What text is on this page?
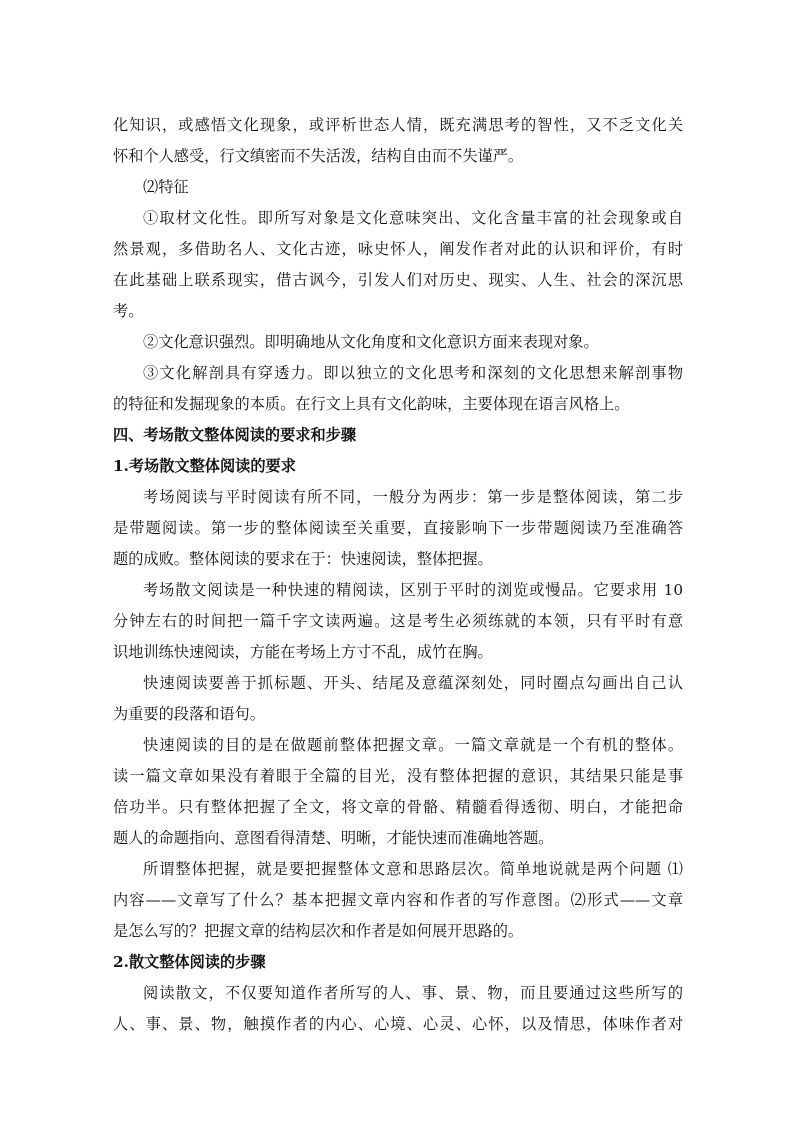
化知识，或感悟文化现象，或评析世态人情，既充满思考的智性，又不乏文化关
怀和个人感受，行文缜密而不失活泼，结构自由而不失谨严。
⑵特征
①取材文化性。即所写对象是文化意味突出、文化含量丰富的社会现象或自
然景观，多借助名人、文化古迹，咏史怀人，阐发作者对此的认识和评价，有时
在此基础上联系现实，借古讽今，引发人们对历史、现实、人生、社会的深沉思
考。
②文化意识强烈。即明确地从文化角度和文化意识方面来表现对象。
③文化解剖具有穿透力。即以独立的文化思考和深刻的文化思想来解剖事物
的特征和发掘现象的本质。在行文上具有文化韵味，主要体现在语言风格上。
四、考场散文整体阅读的要求和步骤
1.考场散文整体阅读的要求
考场阅读与平时阅读有所不同，一般分为两步：第一步是整体阅读，第二步
是带题阅读。第一步的整体阅读至关重要，直接影响下一步带题阅读乃至准确答
题的成败。整体阅读的要求在于：快速阅读，整体把握。
考场散文阅读是一种快速的精阅读，区别于平时的浏览或慢品。它要求用 10
分钟左右的时间把一篇千字文读两遍。这是考生必须练就的本领，只有平时有意
识地训练快速阅读，方能在考场上方寸不乱，成竹在胸。
快速阅读要善于抓标题、开头、结尾及意蕴深刻处，同时圈点勾画出自己认
为重要的段落和语句。
快速阅读的目的是在做题前整体把握文章。一篇文章就是一个有机的整体。
读一篇文章如果没有着眼于全篇的目光，没有整体把握的意识，其结果只能是事
倍功半。只有整体把握了全文，将文章的骨骼、精髓看得透彻、明白，才能把命
题人的命题指向、意图看得清楚、明晰，才能快速而准确地答题。
所谓整体把握，就是要把握整体文意和思路层次。简单地说就是两个问题 ⑴
内容——文章写了什么？基本把握文章内容和作者的写作意图。⑵形式——文章
是怎么写的？把握文章的结构层次和作者是如何展开思路的。
2.散文整体阅读的步骤
阅读散文，不仅要知道作者所写的人、事、景、物，而且要通过这些所写的
人、事、景、物，触摸作者的内心、心境、心灵、心怀，以及情思，体味作者对
